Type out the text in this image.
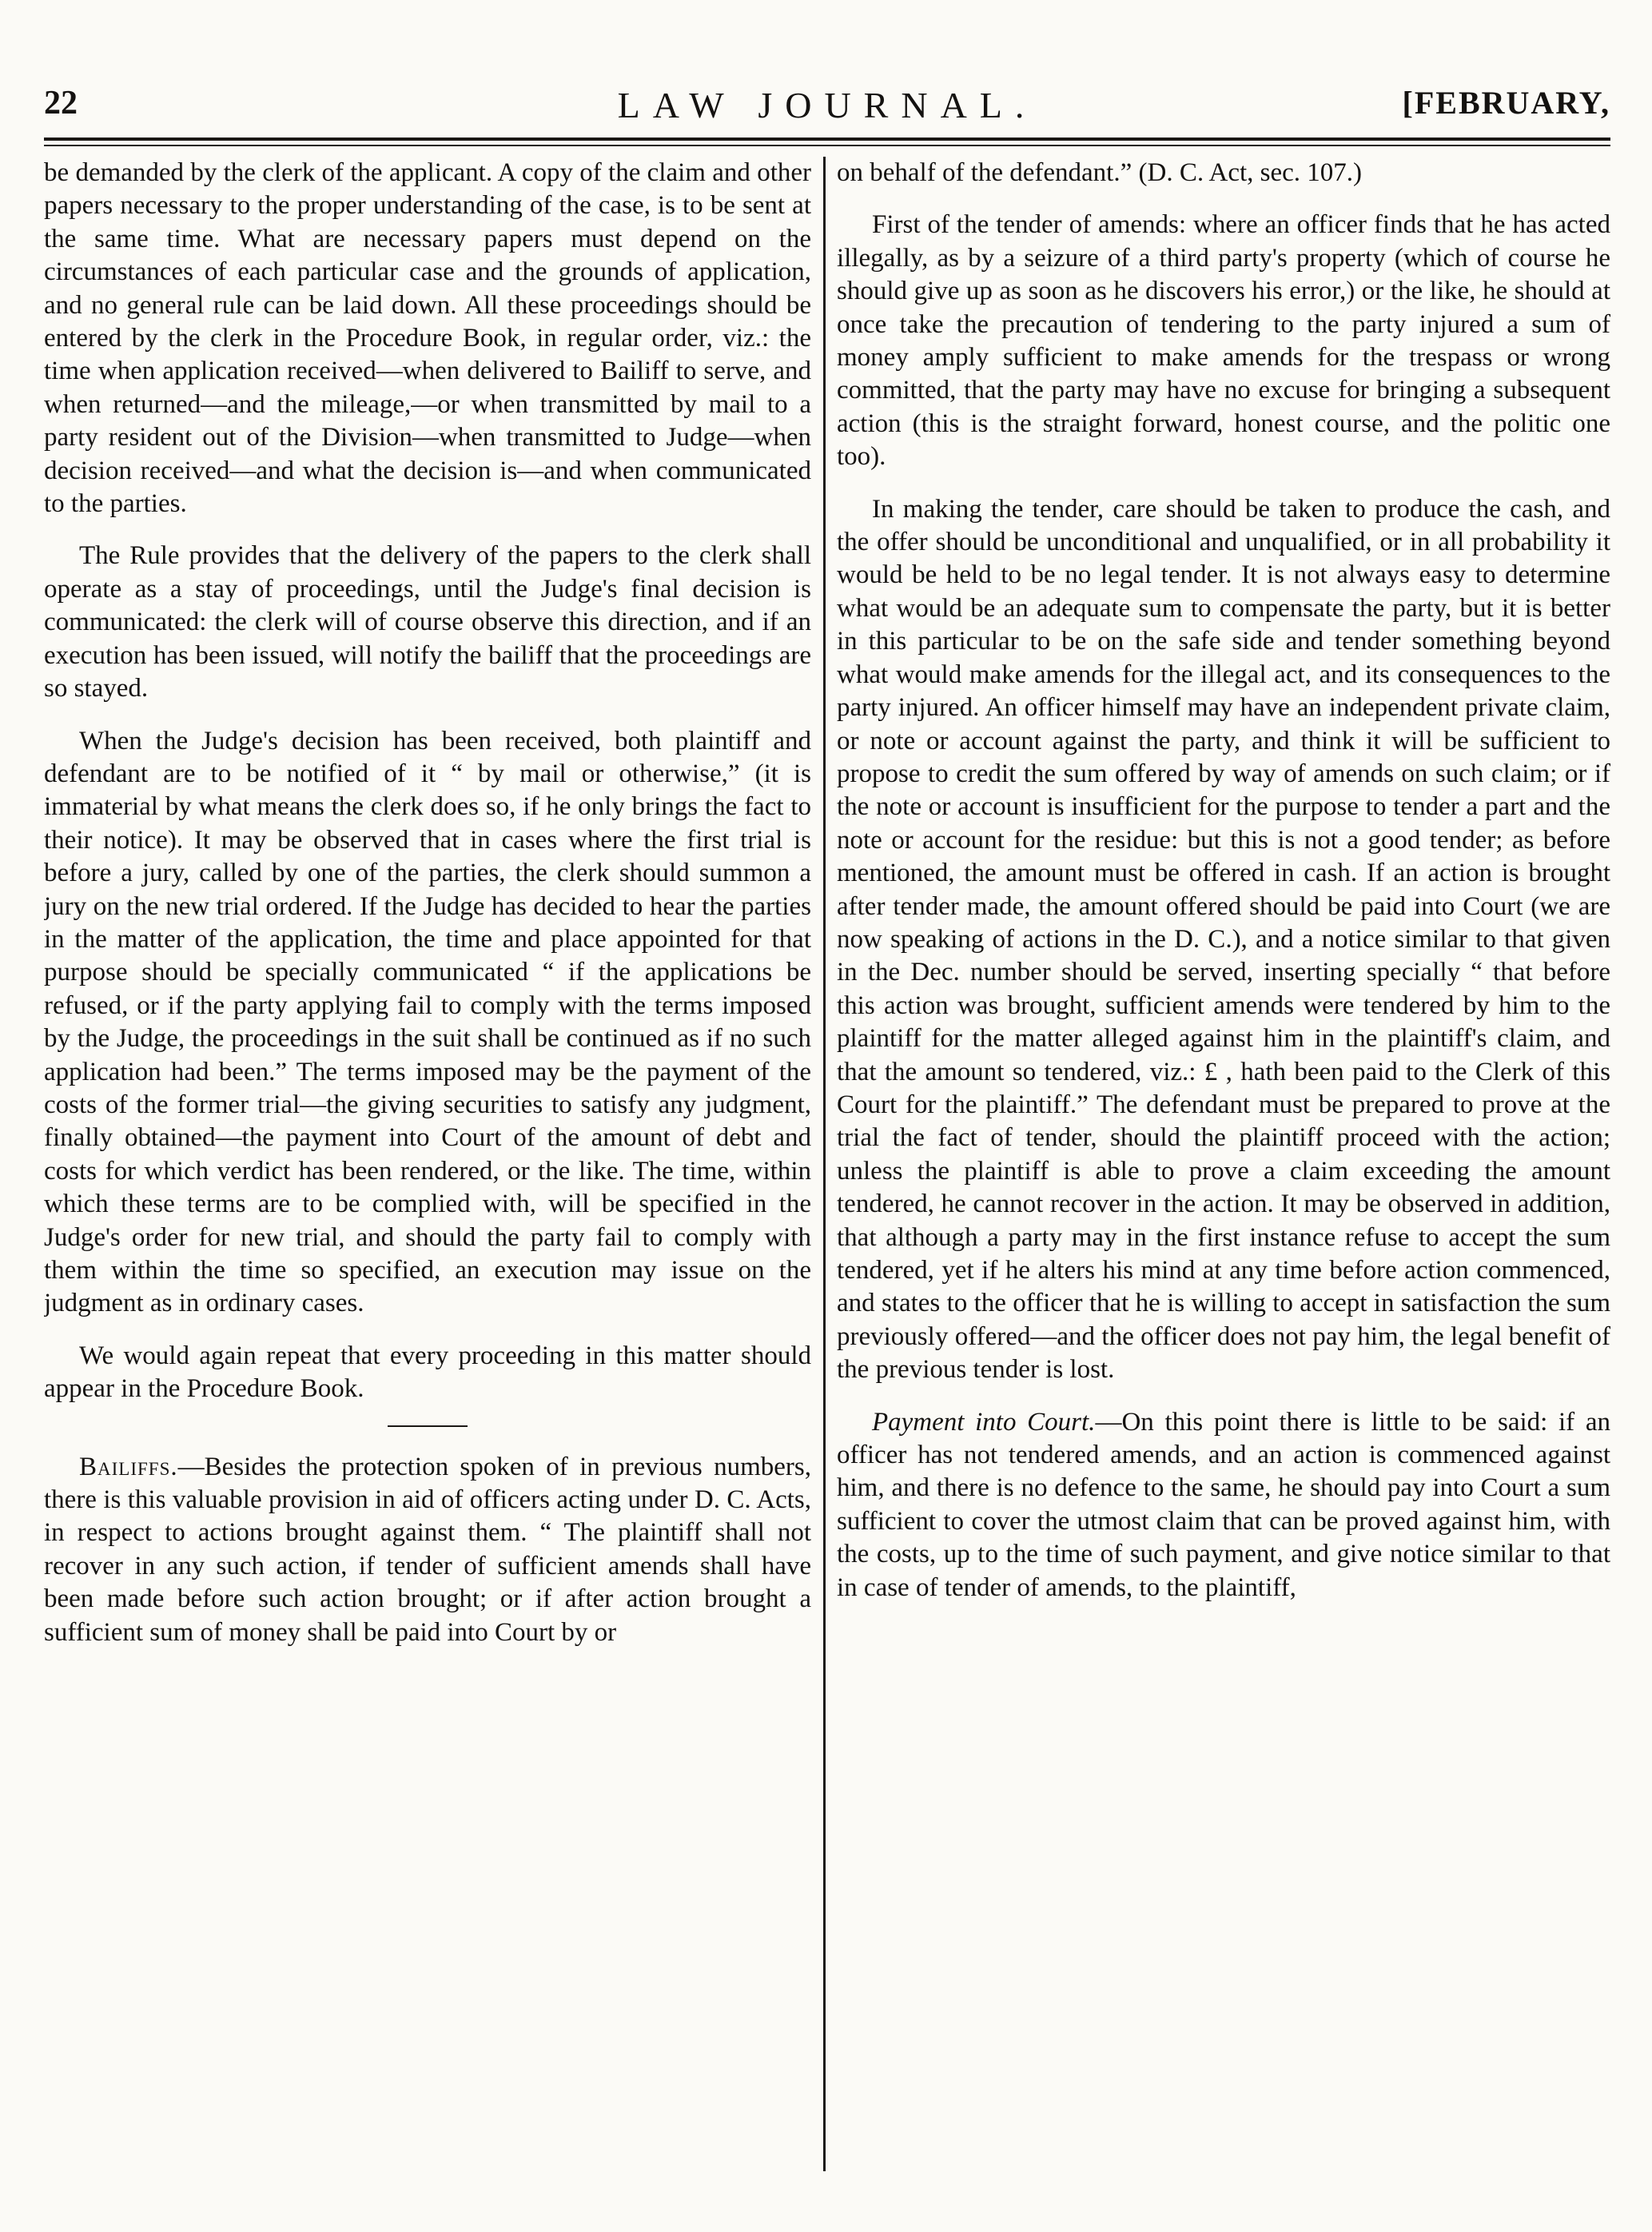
22	LAW JOURNAL.	[FEBRUARY,

be demanded by the clerk of the applicant. A copy of the claim and other papers necessary to the proper understanding of the case, is to be sent at the same time. What are necessary papers must depend on the circumstances of each particular case and the grounds of application, and no general rule can be laid down. All these proceedings should be entered by the clerk in the Procedure Book, in regular order, viz.: the time when application received—when delivered to Bailiff to serve, and when returned—and the mileage,—or when transmitted by mail to a party resident out of the Division—when transmitted to Judge—when decision received—and what the decision is—and when communicated to the parties.

The Rule provides that the delivery of the papers to the clerk shall operate as a stay of proceedings, until the Judge's final decision is communicated: the clerk will of course observe this direction, and if an execution has been issued, will notify the bailiff that the proceedings are so stayed.

When the Judge's decision has been received, both plaintiff and defendant are to be notified of it “ by mail or otherwise,” (it is immaterial by what means the clerk does so, if he only brings the fact to their notice). It may be observed that in cases where the first trial is before a jury, called by one of the parties, the clerk should summon a jury on the new trial ordered. If the Judge has decided to hear the parties in the matter of the application, the time and place appointed for that purpose should be specially communicated “ if the applications be refused, or if the party applying fail to comply with the terms imposed by the Judge, the proceedings in the suit shall be continued as if no such application had been.” The terms imposed may be the payment of the costs of the former trial—the giving securities to satisfy any judgment, finally obtained—the payment into Court of the amount of debt and costs for which verdict has been rendered, or the like. The time, within which these terms are to be complied with, will be specified in the Judge's order for new trial, and should the party fail to comply with them within the time so specified, an execution may issue on the judgment as in ordinary cases.

We would again repeat that every proceeding in this matter should appear in the Procedure Book.

Bailiffs.—Besides the protection spoken of in previous numbers, there is this valuable provision in aid of officers acting under D. C. Acts, in respect to actions brought against them. “ The plaintiff shall not recover in any such action, if tender of sufficient amends shall have been made before such action brought; or if after action brought a sufficient sum of money shall be paid into Court by or

on behalf of the defendant.” (D. C. Act, sec. 107.)

First of the tender of amends: where an officer finds that he has acted illegally, as by a seizure of a third party's property (which of course he should give up as soon as he discovers his error,) or the like, he should at once take the precaution of tendering to the party injured a sum of money amply sufficient to make amends for the trespass or wrong committed, that the party may have no excuse for bringing a subsequent action (this is the straight forward, honest course, and the politic one too).

In making the tender, care should be taken to produce the cash, and the offer should be unconditional and unqualified, or in all probability it would be held to be no legal tender. It is not always easy to determine what would be an adequate sum to compensate the party, but it is better in this particular to be on the safe side and tender something beyond what would make amends for the illegal act, and its consequences to the party injured. An officer himself may have an independent private claim, or note or account against the party, and think it will be sufficient to propose to credit the sum offered by way of amends on such claim; or if the note or account is insufficient for the purpose to tender a part and the note or account for the residue: but this is not a good tender; as before mentioned, the amount must be offered in cash. If an action is brought after tender made, the amount offered should be paid into Court (we are now speaking of actions in the D. C.), and a notice similar to that given in the Dec. number should be served, inserting specially “ that before this action was brought, sufficient amends were tendered by him to the plaintiff for the matter alleged against him in the plaintiff's claim, and that the amount so tendered, viz.: £ , hath been paid to the Clerk of this Court for the plaintiff.” The defendant must be prepared to prove at the trial the fact of tender, should the plaintiff proceed with the action; unless the plaintiff is able to prove a claim exceeding the amount tendered, he cannot recover in the action. It may be observed in addition, that although a party may in the first instance refuse to accept the sum tendered, yet if he alters his mind at any time before action commenced, and states to the officer that he is willing to accept in satisfaction the sum previously offered—and the officer does not pay him, the legal benefit of the previous tender is lost.

Payment into Court.—On this point there is little to be said: if an officer has not tendered amends, and an action is commenced against him, and there is no defence to the same, he should pay into Court a sum sufficient to cover the utmost claim that can be proved against him, with the costs, up to the time of such payment, and give notice similar to that in case of tender of amends, to the plaintiff,
